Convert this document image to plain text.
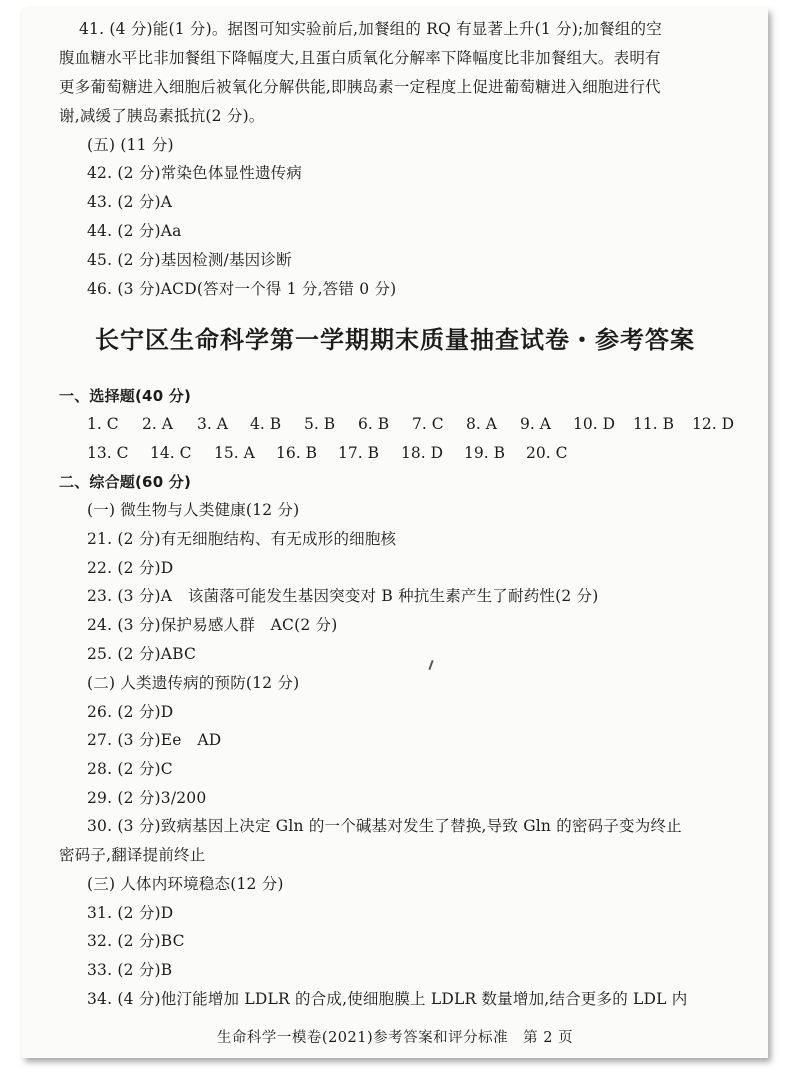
41. (4 分)能(1 分)。据图可知实验前后,加餐组的 RQ 有显著上升(1 分);加餐组的空
腹血糖水平比非加餐组下降幅度大,且蛋白质氧化分解率下降幅度比非加餐组大。表明有
更多葡萄糖进入细胞后被氧化分解供能,即胰岛素一定程度上促进葡萄糖进入细胞进行代
谢,减缓了胰岛素抵抗(2 分)。
(五) (11 分)
42. (2 分)常染色体显性遗传病
43. (2 分)A
44. (2 分)Aa
45. (2 分)基因检测/基因诊断
46. (3 分)ACD(答对一个得 1 分,答错 0 分)
长宁区生命科学第一学期期末质量抽查试卷・参考答案
一、选择题(40 分)
1. C 2. A 3. A 4. B 5. B 6. B 7. C 8. A 9. A 10. D 11. B 12. D
13. C 14. C 15. A 16. B 17. B 18. D 19. B 20. C
二、综合题(60 分)
(一) 微生物与人类健康(12 分)
21. (2 分)有无细胞结构、有无成形的细胞核
22. (2 分)D
23. (3 分)A　该菌落可能发生基因突变对 B 种抗生素产生了耐药性(2 分)
24. (3 分)保护易感人群　AC(2 分)
25. (2 分)ABC
(二) 人类遗传病的预防(12 分)
26. (2 分)D
27. (3 分)Ee　AD
28. (2 分)C
29. (2 分)3/200
30. (3 分)致病基因上决定 Gln 的一个碱基对发生了替换,导致 Gln 的密码子变为终止
密码子,翻译提前终止
(三) 人体内环境稳态(12 分)
31. (2 分)D
32. (2 分)BC
33. (2 分)B
34. (4 分)他汀能增加 LDLR 的合成,使细胞膜上 LDLR 数量增加,结合更多的 LDL 内
生命科学一模卷(2021)参考答案和评分标准　第 2 页
